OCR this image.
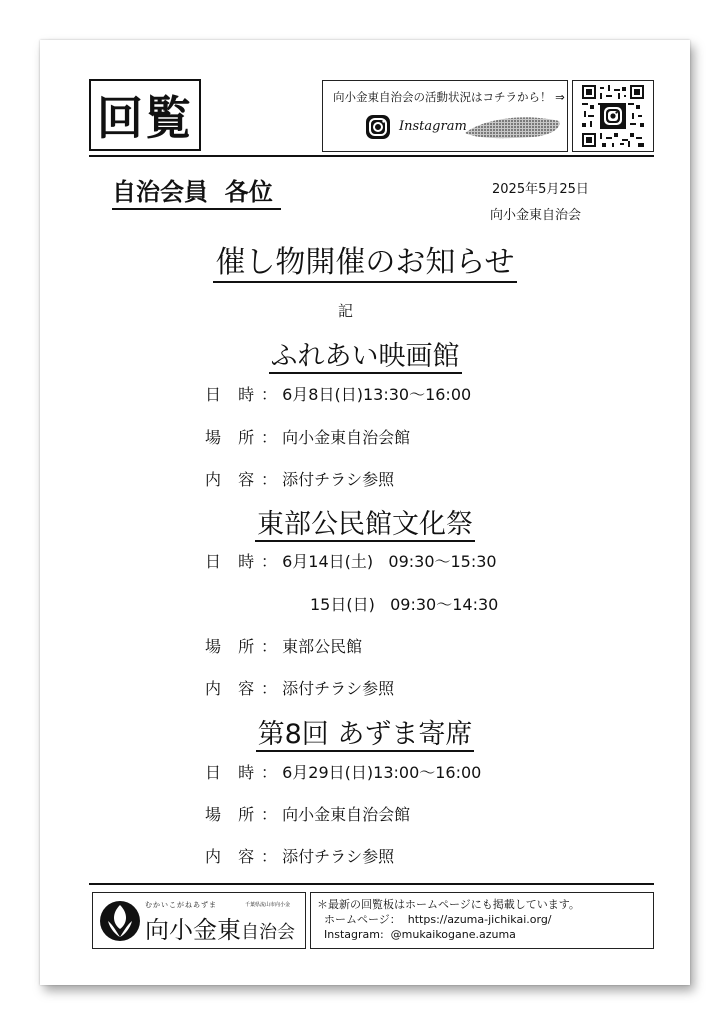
回覧	向小金東自治会の活動状況はコチラから！ ⇒
Instagram
自治会員  各位	2025年5月25日
向小金東自治会
催し物開催のお知らせ
記
ふれあい映画館
日 時： 6月8日(日)13:30～16:00
場 所： 向小金東自治会館
内 容： 添付チラシ参照
東部公民館文化祭
日 時： 6月14日(土)   09:30～15:30
15日(日)   09:30～14:30
場 所： 東部公民館
内 容： 添付チラシ参照
第8回 あずま寄席
日 時： 6月29日(日)13:00～16:00
場 所： 向小金東自治会館
内 容： 添付チラシ参照
むかいこがねあずま	千葉県流山市向小金
向小金東自治会
＊最新の回覧板はホームページにも掲載しています。
ホームページ：  https://azuma-jichikai.org/
Instagram:  @mukaikogane.azuma
